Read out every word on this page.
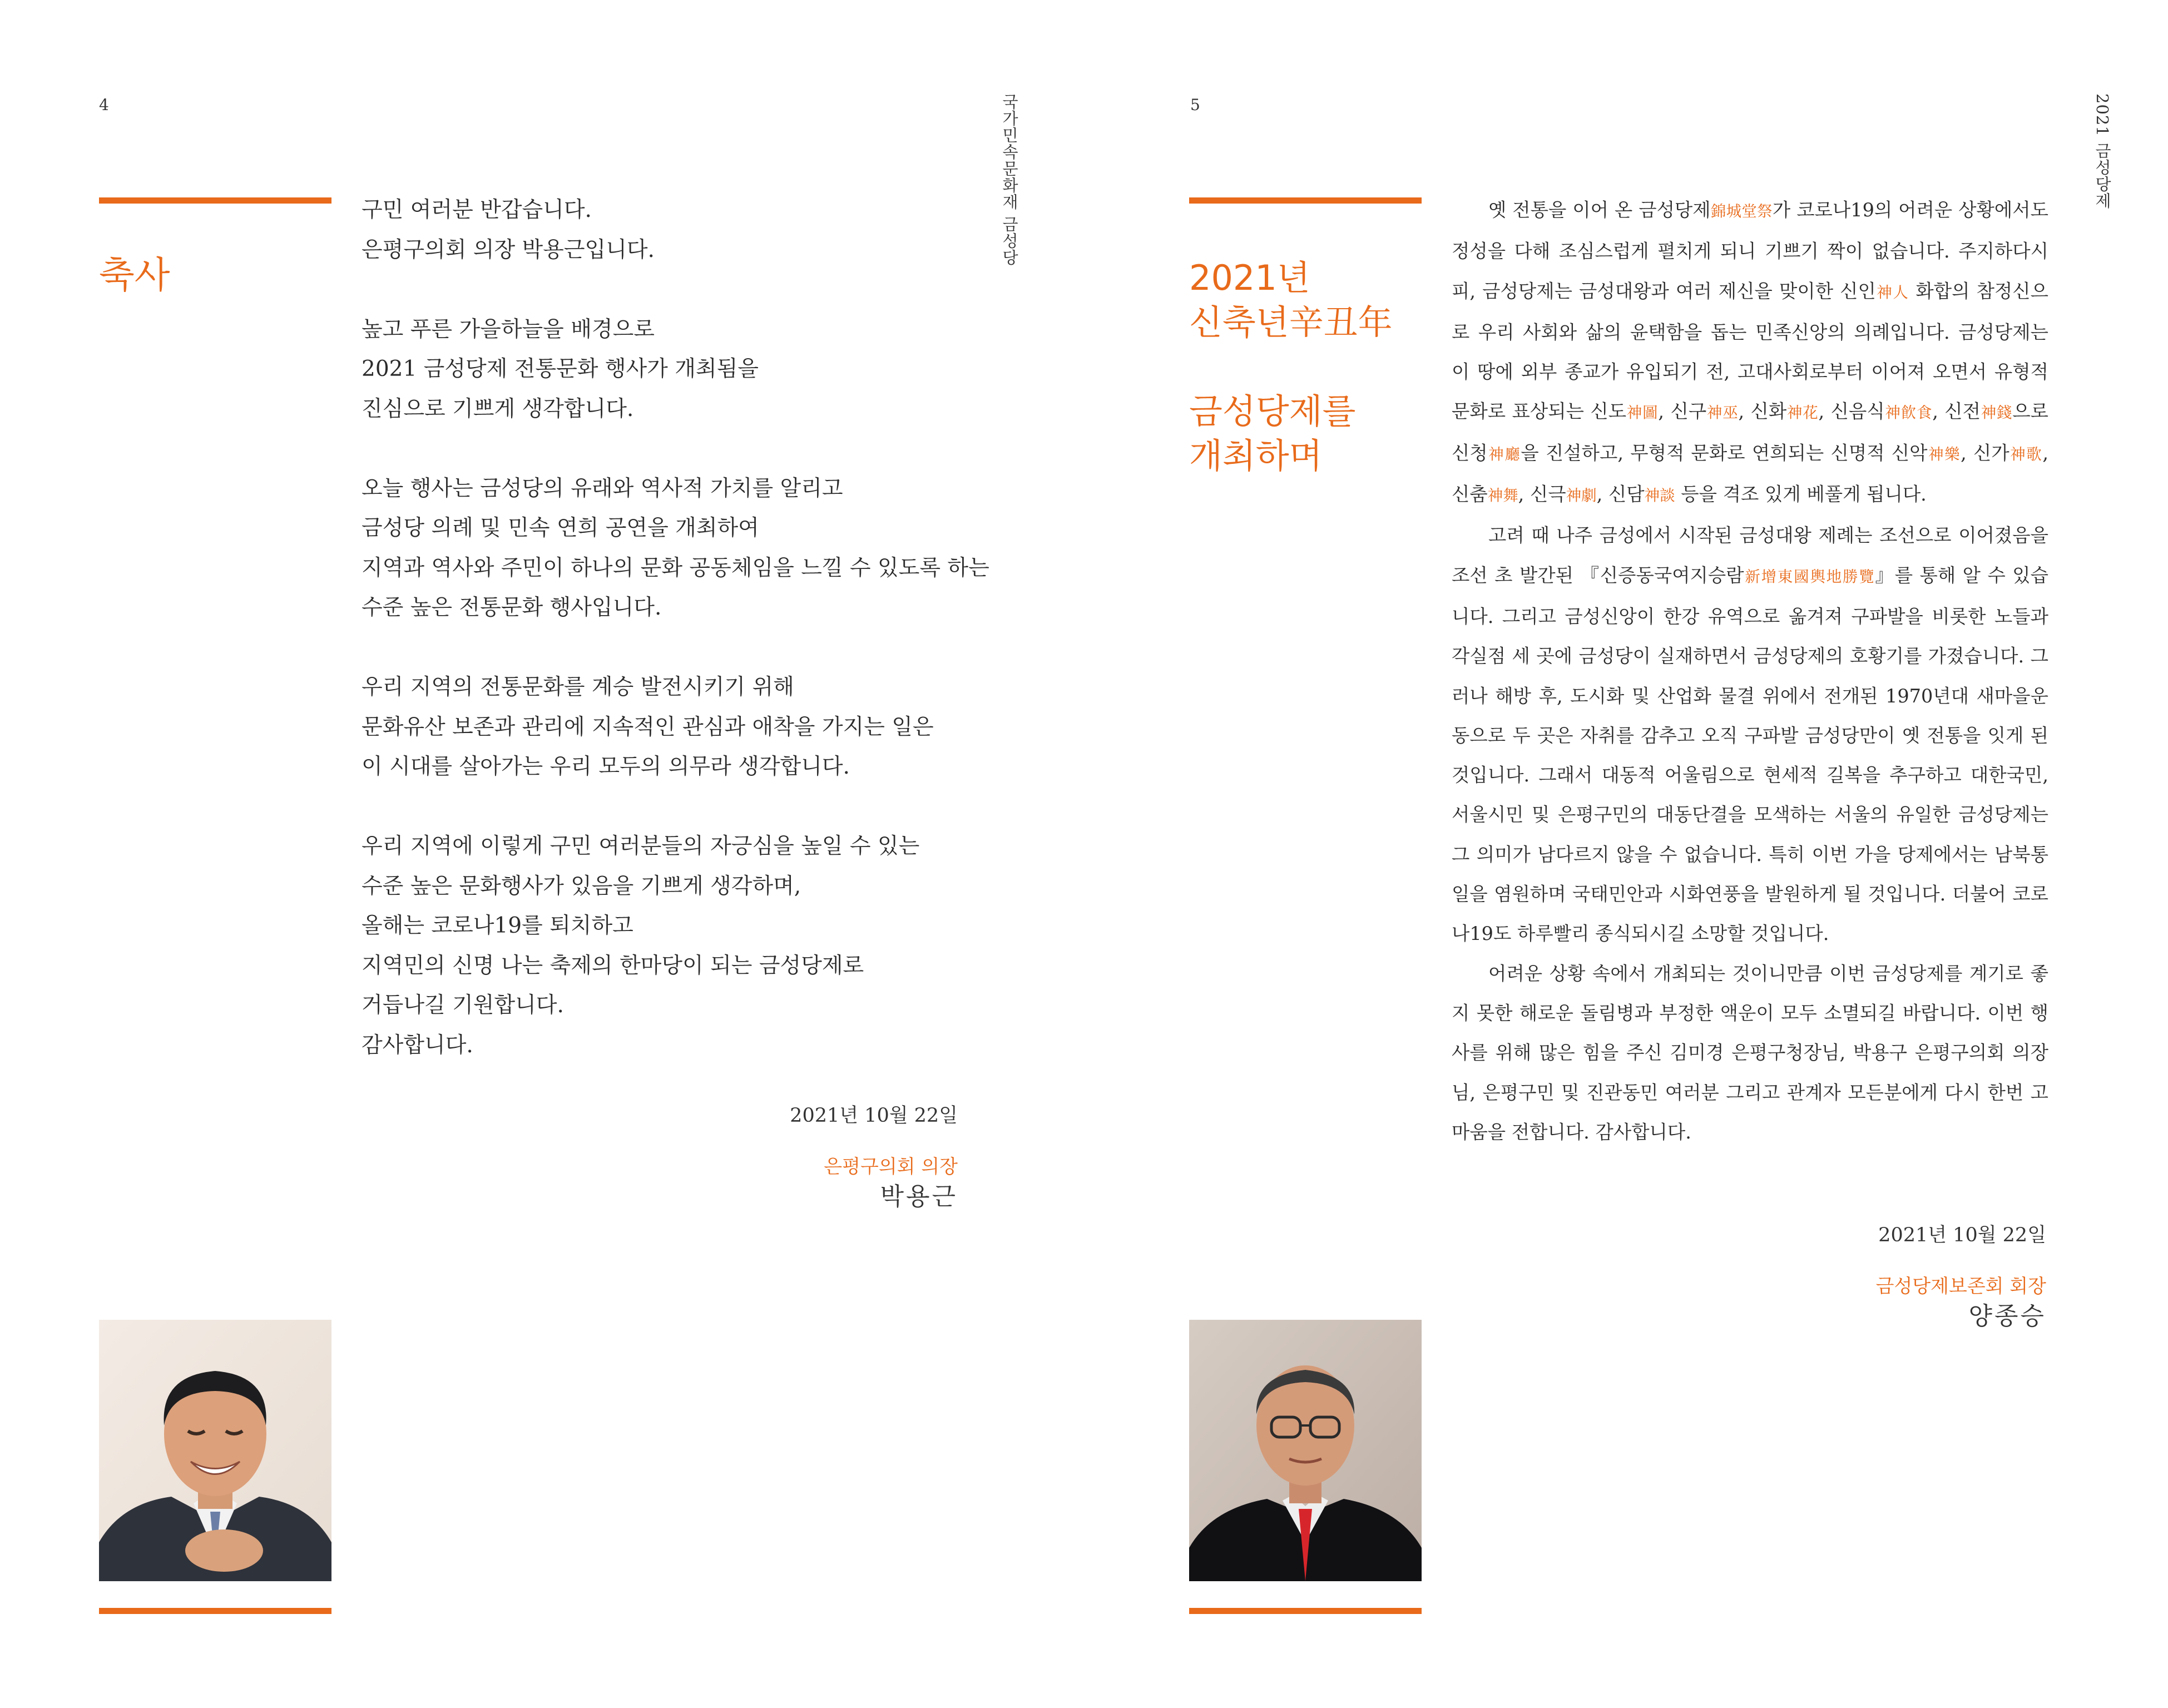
4	국가민속문화재 금성당
축사

구민 여러분 반갑습니다.

은평구의회 의장 박용근입니다.

높고 푸른 가을하늘을 배경으로

2021 금성당제 전통문화 행사가 개최됨을

진심으로 기쁘게 생각합니다.

오늘 행사는 금성당의 유래와 역사적 가치를 알리고

금성당 의례 및 민속 연희 공연을 개최하여

지역과 역사와 주민이 하나의 문화 공동체임을 느낄 수 있도록 하는

수준 높은 전통문화 행사입니다.

우리 지역의 전통문화를 계승 발전시키기 위해

문화유산 보존과 관리에 지속적인 관심과 애착을 가지는 일은

이 시대를 살아가는 우리 모두의 의무라 생각합니다.

우리 지역에 이렇게 구민 여러분들의 자긍심을 높일 수 있는

수준 높은 문화행사가 있음을 기쁘게 생각하며,

올해는 코로나19를 퇴치하고

지역민의 신명 나는 축제의 한마당이 되는 금성당제로

거듭나길 기원합니다.

감사합니다.

2021년 10월 22일
은평구의회 의장
박용근
5	2021 금성당제
2021년
신축년辛丑年
금성당제를
개최하며

옛 전통을 이어 온 금성당제錦城堂祭가 코로나19의 어려운 상황에서도 정성을 다해 조심스럽게 펼치게 되니 기쁘기 짝이 없습니다. 주지하다시피, 금성당제는 금성대왕과 여러 제신을 맞이한 신인神人 화합의 참정신으로 우리 사회와 삶의 윤택함을 돕는 민족신앙의 의례입니다. 금성당제는 이 땅에 외부 종교가 유입되기 전, 고대사회로부터 이어져 오면서 유형적 문화로 표상되는 신도神圖, 신구神巫, 신화神花, 신음식神飮食, 신전神錢으로 신청神廳을 진설하고, 무형적 문화로 연희되는 신명적 신악神樂, 신가神歌, 신춤神舞, 신극神劇, 신담神談 등을 격조 있게 베풀게 됩니다.

고려 때 나주 금성에서 시작된 금성대왕 제례는 조선으로 이어졌음을 조선 초 발간된 『신증동국여지승람新增東國輿地勝覽』를 통해 알 수 있습니다. 그리고 금성신앙이 한강 유역으로 옮겨져 구파발을 비롯한 노들과 각실점 세 곳에 금성당이 실재하면서 금성당제의 호황기를 가졌습니다. 그러나 해방 후, 도시화 및 산업화 물결 위에서 전개된 1970년대 새마을운동으로 두 곳은 자취를 감추고 오직 구파발 금성당만이 옛 전통을 잇게 된 것입니다. 그래서 대동적 어울림으로 현세적 길복을 추구하고 대한국민, 서울시민 및 은평구민의 대동단결을 모색하는 서울의 유일한 금성당제는 그 의미가 남다르지 않을 수 없습니다. 특히 이번 가을 당제에서는 남북통일을 염원하며 국태민안과 시화연풍을 발원하게 될 것입니다. 더불어 코로나19도 하루빨리 종식되시길 소망할 것입니다.

어려운 상황 속에서 개최되는 것이니만큼 이번 금성당제를 계기로 좋지 못한 해로운 돌림병과 부정한 액운이 모두 소멸되길 바랍니다. 이번 행사를 위해 많은 힘을 주신 김미경 은평구청장님, 박용구 은평구의회 의장님, 은평구민 및 진관동민 여러분 그리고 관계자 모든분에게 다시 한번 고마움을 전합니다. 감사합니다.

2021년 10월 22일
금성당제보존회 회장
양종승
